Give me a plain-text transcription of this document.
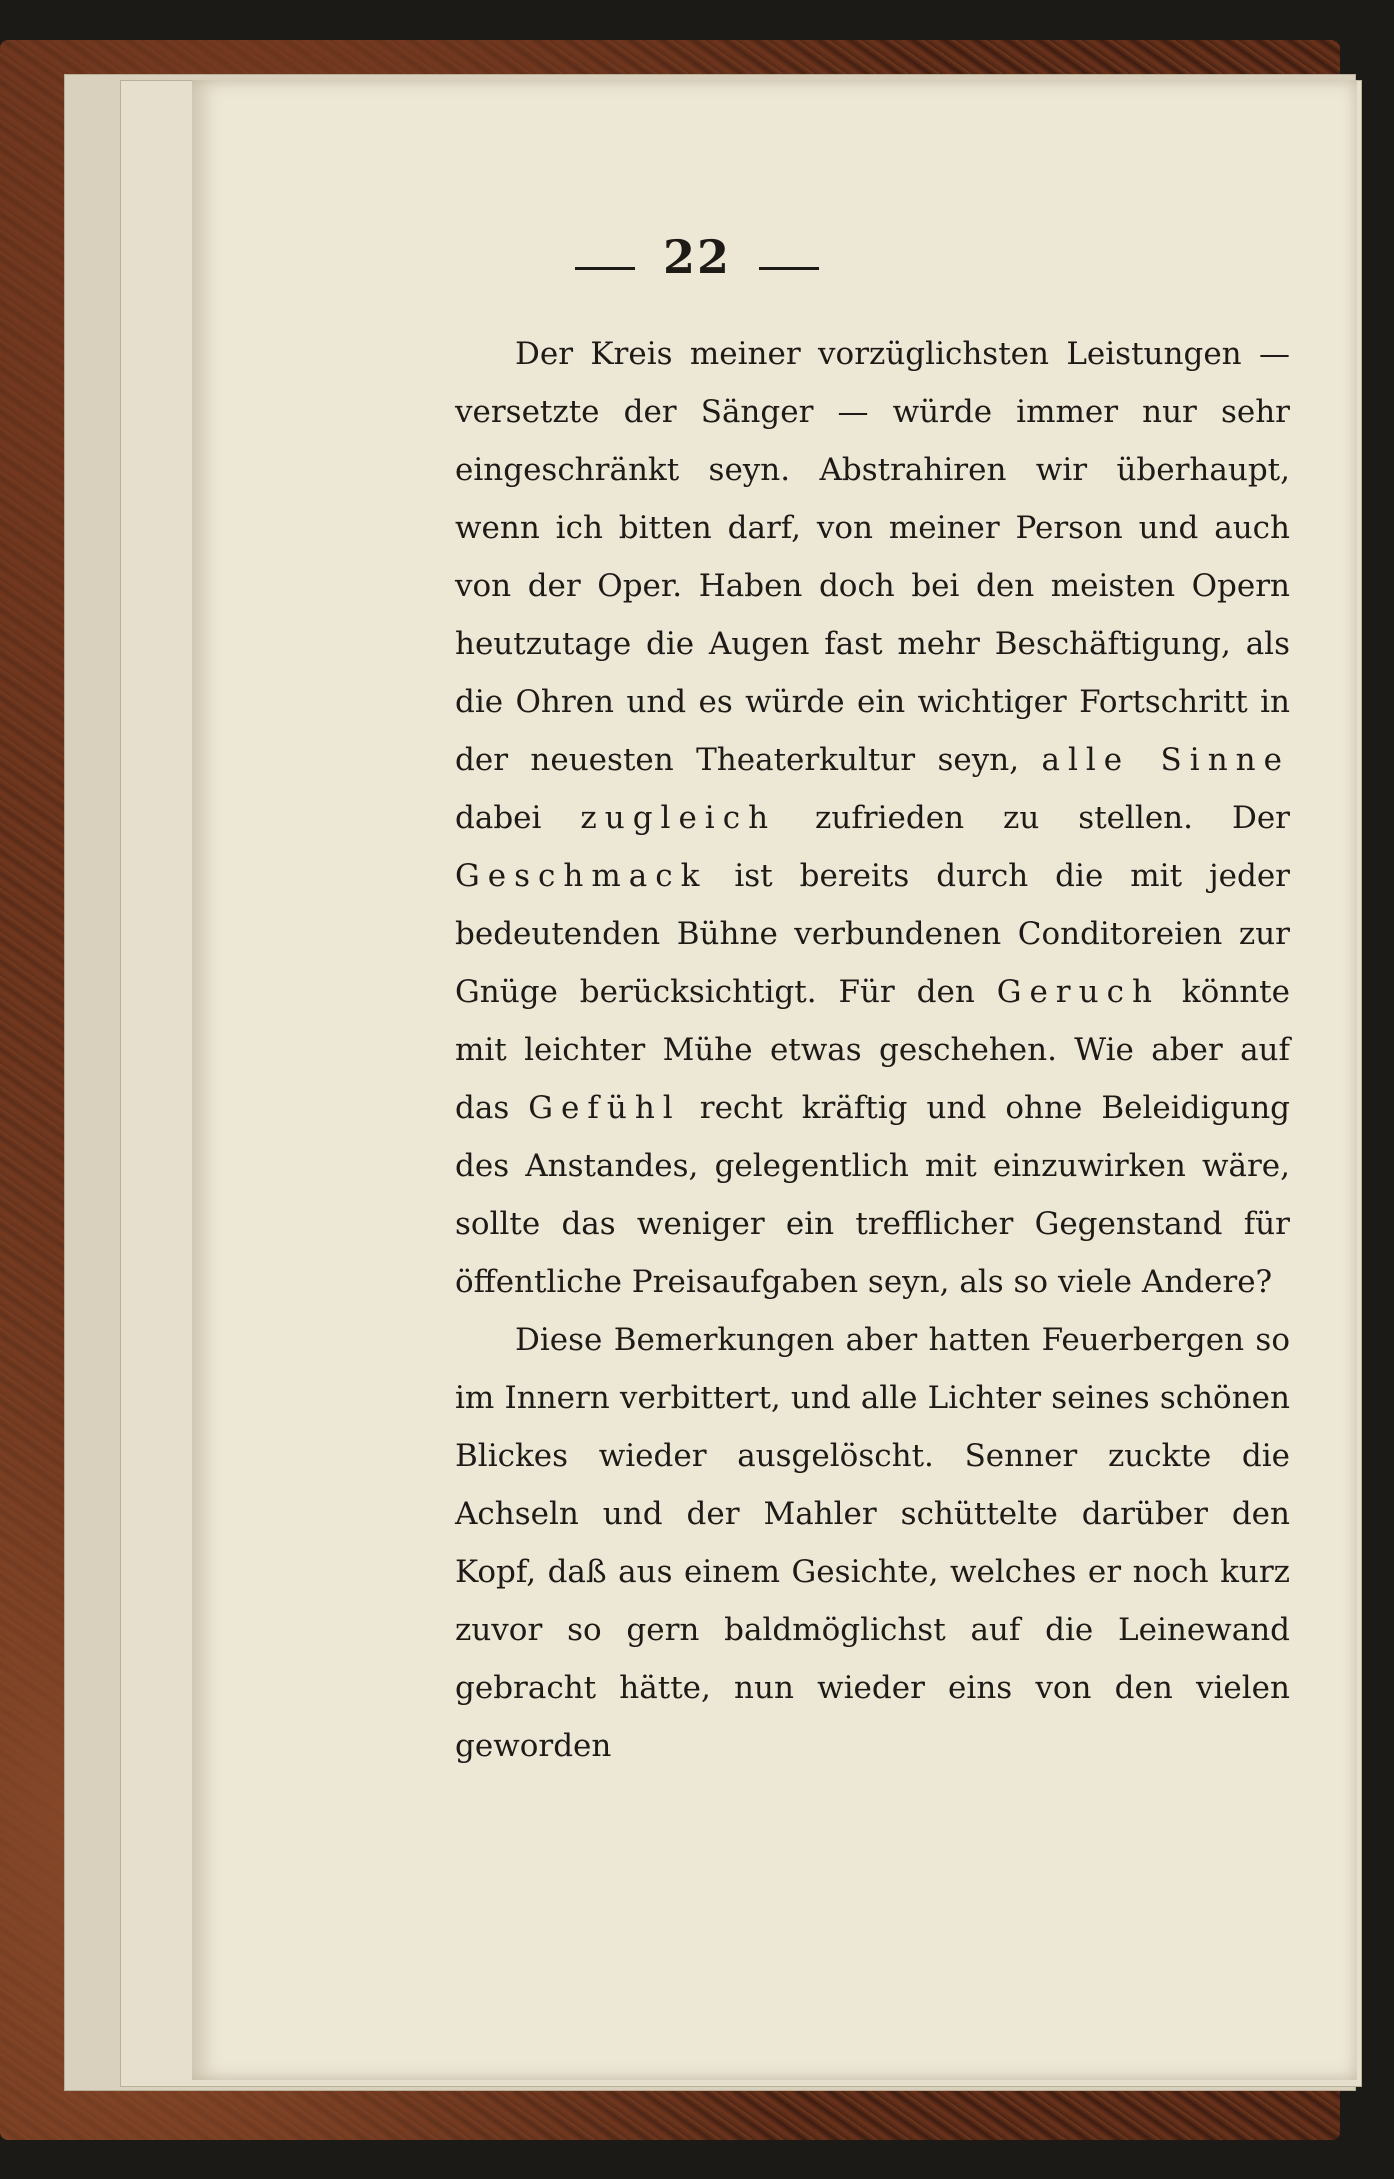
22

Der Kreis meiner vorzüglichsten Leistungen — versetzte der Sänger — würde immer nur sehr eingeschränkt seyn. Abstrahiren wir überhaupt, wenn ich bitten darf, von meiner Person und auch von der Oper. Haben doch bei den meisten Opern heutzutage die Augen fast mehr Beschäftigung, als die Ohren und es würde ein wichtiger Fortschritt in der neuesten Theaterkultur seyn, alle Sinne dabei zugleich zufrieden zu stellen. Der Geschmack ist bereits durch die mit jeder bedeutenden Bühne verbundenen Conditoreien zur Gnüge berücksichtigt. Für den Geruch könnte mit leichter Mühe etwas geschehen. Wie aber auf das Gefühl recht kräftig und ohne Beleidigung des Anstandes, gelegentlich mit einzuwirken wäre, sollte das weniger ein trefflicher Gegenstand für öffentliche Preisaufgaben seyn, als so viele Andere?

Diese Bemerkungen aber hatten Feuerbergen so im Innern verbittert, und alle Lichter seines schönen Blickes wieder ausgelöscht. Senner zuckte die Achseln und der Mahler schüttelte darüber den Kopf, daß aus einem Gesichte, welches er noch kurz zuvor so gern baldmöglichst auf die Leinewand gebracht hätte, nun wieder eins von den vielen geworden
